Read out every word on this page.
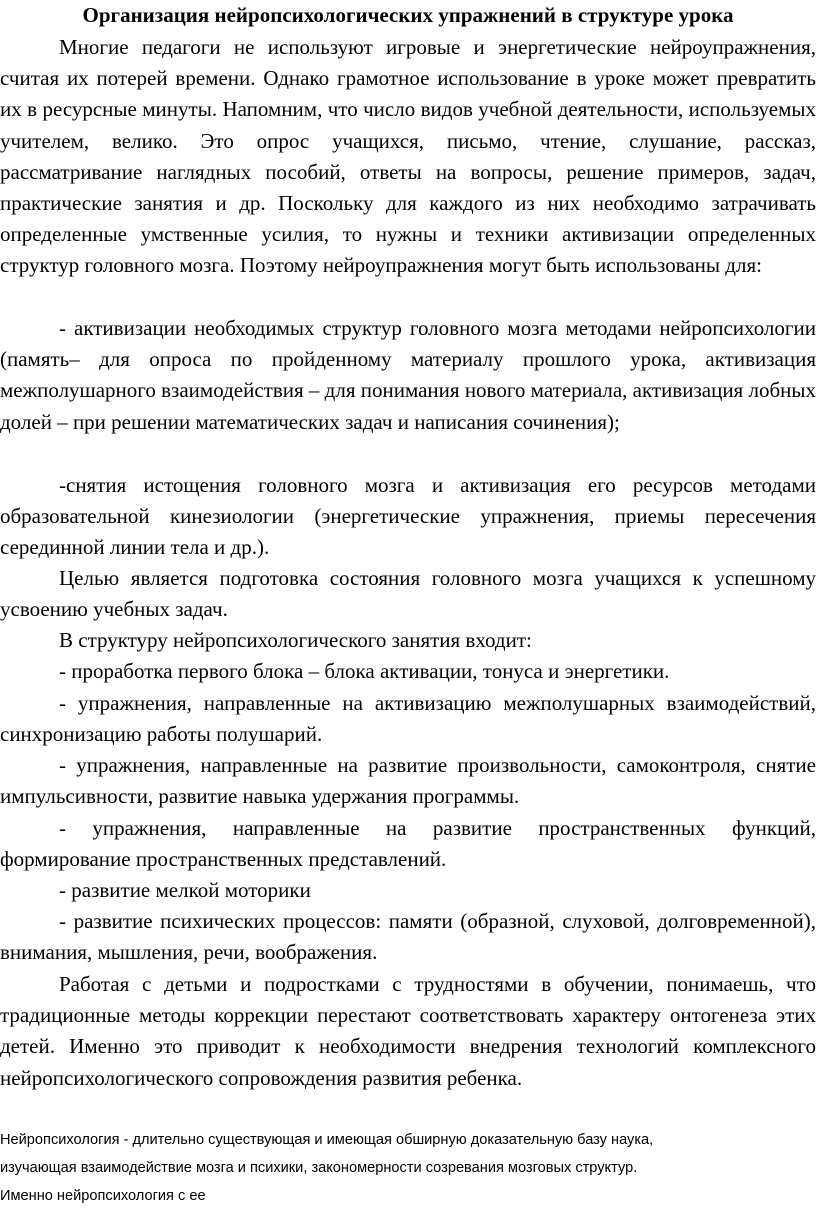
Организация нейропсихологических упражнений в структуре урока
Многие педагоги не используют игровые и энергетические нейроупражнения, считая их потерей времени. Однако грамотное использование в уроке может превратить их в ресурсные минуты. Напомним, что число видов учебной деятельности, используемых учителем, велико. Это опрос учащихся, письмо, чтение, слушание, рассказ, рассматривание наглядных пособий, ответы на вопросы, решение примеров, задач, практические занятия и др. Поскольку для каждого из них необходимо затрачивать определенные умственные усилия, то нужны и техники активизации определенных структур головного мозга. Поэтому нейроупражнения могут быть использованы для:
- активизации необходимых структур головного мозга методами нейропсихологии (память– для опроса по пройденному материалу прошлого урока, активизация межполушарного взаимодействия – для понимания нового материала, активизация лобных долей – при решении математических задач и написания сочинения);
-снятия истощения головного мозга и активизация его ресурсов методами образовательной кинезиологии (энергетические упражнения, приемы пересечения серединной линии тела и др.).
Целью является подготовка состояния головного мозга учащихся к успешному усвоению учебных задач.
В структуру нейропсихологического занятия входит:
- проработка первого блока – блока активации, тонуса и энергетики.
- упражнения, направленные на активизацию межполушарных взаимодействий, синхронизацию работы полушарий.
- упражнения, направленные на развитие произвольности, самоконтроля, снятие импульсивности, развитие навыка удержания программы.
- упражнения, направленные на развитие пространственных функций, формирование пространственных представлений.
- развитие мелкой моторики
- развитие психических процессов: памяти (образной, слуховой, долговременной), внимания, мышления, речи, воображения.
Работая с детьми и подростками с трудностями в обучении, понимаешь, что традиционные методы коррекции перестают соответствовать характеру онтогенеза этих детей. Именно это приводит к необходимости внедрения технологий комплексного нейропсихологического сопровождения развития ребенка.
Нейропсихология - длительно существующая и имеющая обширную доказательную базу наука,
изучающая взаимодействие мозга и психики, закономерности созревания мозговых структур.
Именно нейропсихология с ее
